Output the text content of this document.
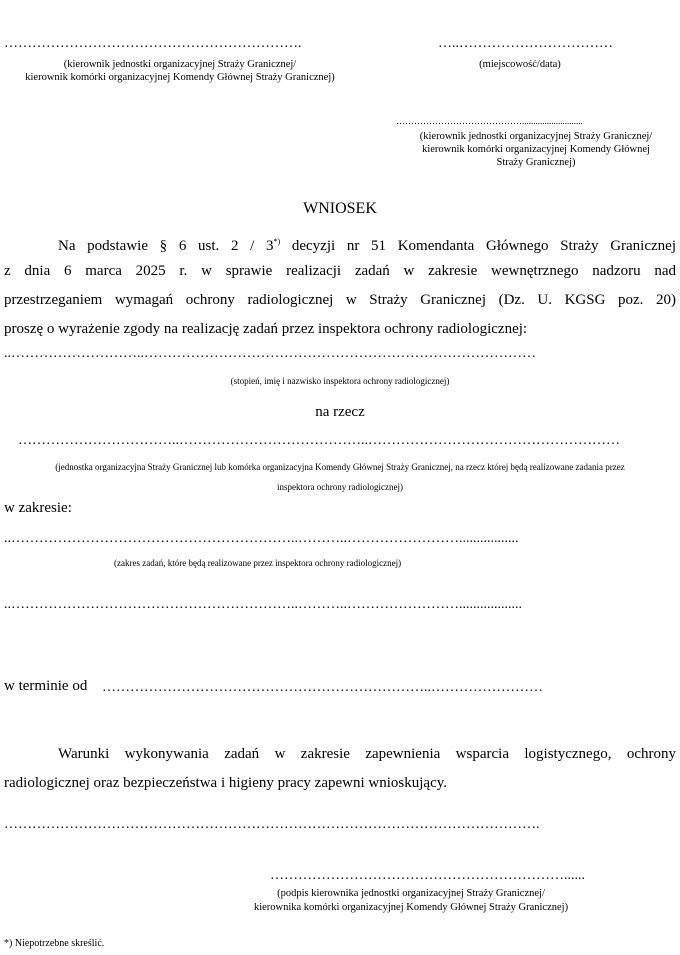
……………………………………………………….
(kierownik jednostki organizacyjnej Straży Granicznej/
kierownik komórki organizacyjnej Komendy Głównej Straży Granicznej)
…..……………………………
(miejscowość/data)
……………………………………...........................
(kierownik jednostki organizacyjnej Straży Granicznej/
kierownik komórki organizacyjnej Komendy Głównej
Straży Granicznej)
WNIOSEK
Na podstawie § 6 ust. 2 / 3*) decyzji nr 51 Komendanta Głównego Straży Granicznej
z dnia 6 marca 2025 r. w sprawie realizacji zadań w zakresie wewnętrznego nadzoru nad
przestrzeganiem wymagań ochrony radiologicznej w Straży Granicznej (Dz. U. KGSG poz. 20)
proszę o wyrażenie zgody na realizację zadań przez inspektora ochrony radiologicznej:
..………………………..…………………………………………………………………………
(stopień, imię i nazwisko inspektora ochrony radiologicznej)
na rzecz
……………………………..…………………………………..………………………………………………
(jednostka organizacyjna Straży Granicznej lub komórka organizacyjna Komendy Głównej Straży Granicznej, na rzecz której będą realizowane zadania przez
inspektora ochrony radiologicznej)
w zakresie:
..……………………………………………………..………..…………………….................
(zakres zadań, które będą realizowane przez inspektora ochrony radiologicznej)
..……………………………………………………..………..……………………..................
w terminie od ……………………………………………………………..……………………
Warunki wykonywania zadań w zakresie zapewnienia wsparcia logistycznego, ochrony
radiologicznej oraz bezpieczeństwa i higieny pracy zapewni wnioskujący.
…………………………………………………………………………………………………….
………………………………………………………......
(podpis kierownika jednostki organizacyjnej Straży Granicznej/
kierownika komórki organizacyjnej Komendy Głównej Straży Granicznej)
*) Niepotrzebne skreślić.
